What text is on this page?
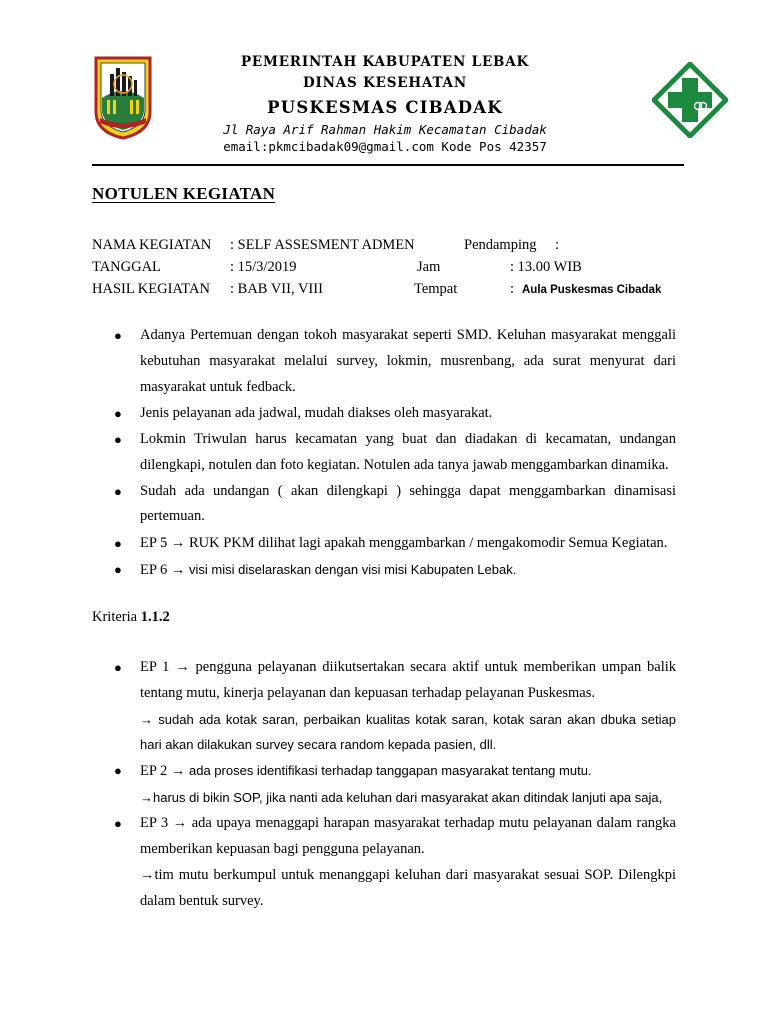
PEMERINTAH KABUPATEN LEBAK
DINAS KESEHATAN
PUSKESMAS CIBADAK
Jl Raya Arif Rahman Hakim Kecamatan Cibadak
email:pkmcibadak09@gmail.com Kode Pos 42357
NOTULEN KEGIATAN
NAMA KEGIATAN : SELF ASSESMENT ADMEN	Pendamping :
TANGGAL	: 15/3/2019	Jam	: 13.00 WIB
HASIL KEGIATAN : BAB VII, VIII	Tempat	: Aula Puskesmas Cibadak
● Adanya Pertemuan dengan tokoh masyarakat seperti SMD. Keluhan masyarakat menggali kebutuhan masyarakat melalui survey, lokmin, musrenbang, ada surat menyurat dari masyarakat untuk fedback.
● Jenis pelayanan ada jadwal, mudah diakses oleh masyarakat.
● Lokmin Triwulan harus kecamatan yang buat dan diadakan di kecamatan, undangan dilengkapi, notulen dan foto kegiatan. Notulen ada tanya jawab menggambarkan dinamika.
● Sudah ada undangan ( akan dilengkapi ) sehingga dapat menggambarkan dinamisasi pertemuan.
● EP 5 → RUK PKM dilihat lagi apakah menggambarkan / mengakomodir Semua Kegiatan.
● EP 6 → visi misi diselaraskan dengan visi misi Kabupaten Lebak.
Kriteria 1.1.2
● EP 1 → pengguna pelayanan diikutsertakan secara aktif untuk memberikan umpan balik tentang mutu, kinerja pelayanan dan kepuasan terhadap pelayanan Puskesmas.
→ sudah ada kotak saran, perbaikan kualitas kotak saran, kotak saran akan dbuka setiap hari akan dilakukan survey secara random kepada pasien, dll.
● EP 2 → ada proses identifikasi terhadap tanggapan masyarakat tentang mutu.
→harus di bikin SOP, jika nanti ada keluhan dari masyarakat akan ditindak lanjuti apa saja,
● EP 3 → ada upaya menaggapi harapan masyarakat terhadap mutu pelayanan dalam rangka memberikan kepuasan bagi pengguna pelayanan.
→tim mutu berkumpul untuk menanggapi keluhan dari masyarakat sesuai SOP. Dilengkpi dalam bentuk survey.
